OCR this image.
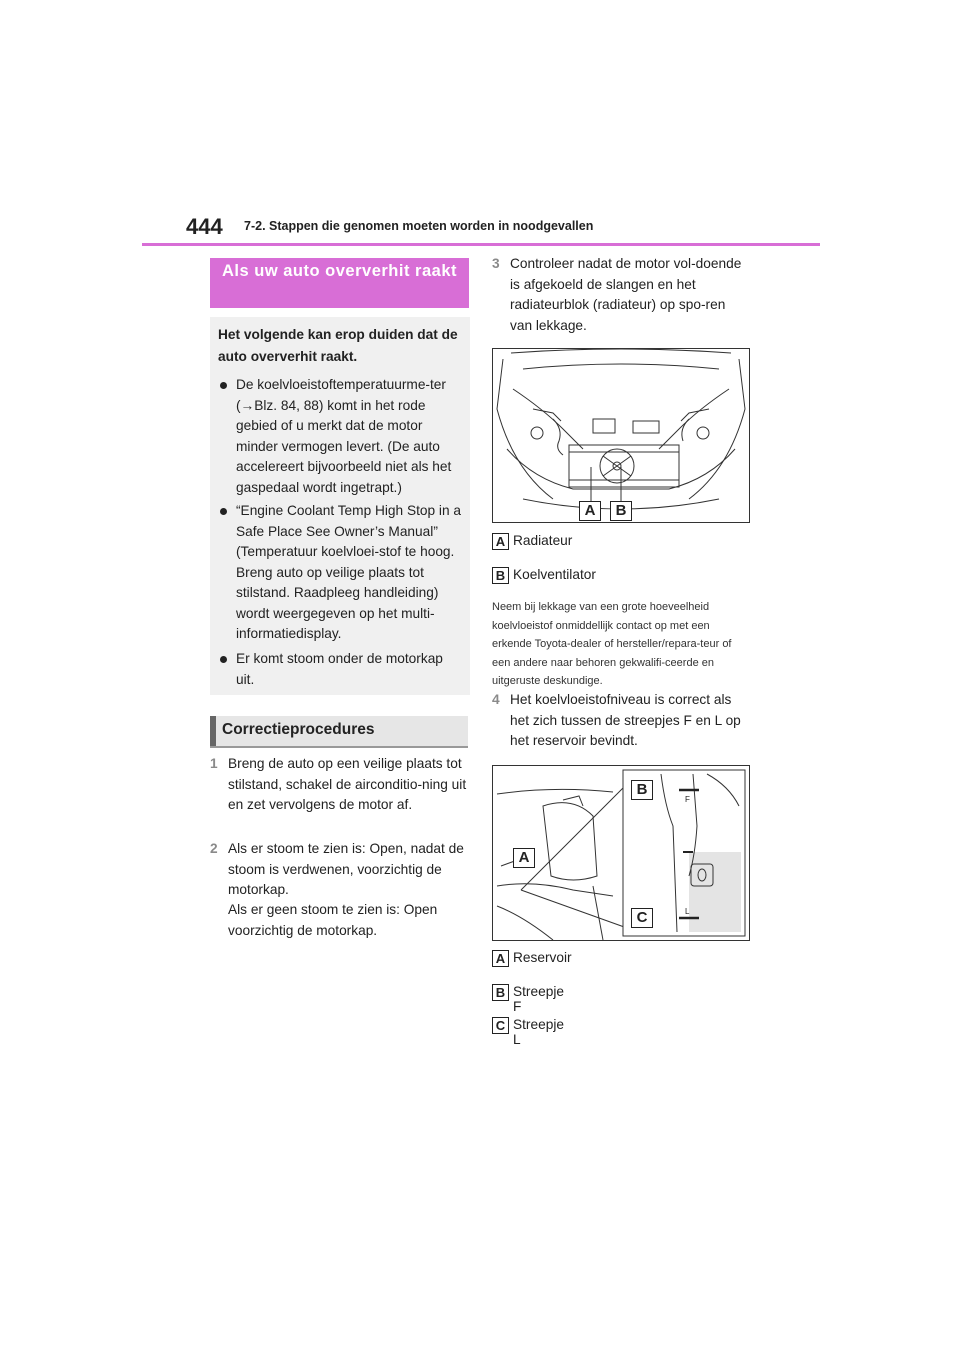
444 7-2. Stappen die genomen moeten worden in noodgevallen
Als uw auto oververhit raakt
Het volgende kan erop duiden dat de auto oververhit raakt.
De koelvloeistoftemperatuurme-ter (→Blz. 84, 88) komt in het rode gebied of u merkt dat de motor minder vermogen levert. (De auto accelereert bijvoorbeeld niet als het gaspedaal wordt ingetrapt.)
“Engine Coolant Temp High Stop in a Safe Place See Owner’s Manual” (Temperatuur koelvloei-stof te hoog. Breng auto op veilige plaats tot stilstand. Raadpleeg handleiding) wordt weergegeven op het multi-informatiedisplay.
Er komt stoom onder de motorkap uit.
Correctieprocedures
1 Breng de auto op een veilige plaats tot stilstand, schakel de airconditio-ning uit en zet vervolgens de motor af.
2 Als er stoom te zien is: Open, nadat de stoom is verdwenen, voorzichtig de motorkap.
Als er geen stoom te zien is: Open voorzichtig de motorkap.
3 Controleer nadat de motor vol-doende is afgekoeld de slangen en het radiateurblok (radiateur) op spo-ren van lekkage.
A	B
A Radiateur
B Koelventilator
Neem bij lekkage van een grote hoeveelheid koelvloeistof onmiddellijk contact op met een erkende Toyota-dealer of hersteller/repara-teur of een andere naar behoren gekwalifi-ceerde en uitgeruste deskundige.
4 Het koelvloeistofniveau is correct als het zich tussen de streepjes F en L op het reservoir bevindt.
F
L
A
B
C
A Reservoir
B Streepje F
C Streepje L
